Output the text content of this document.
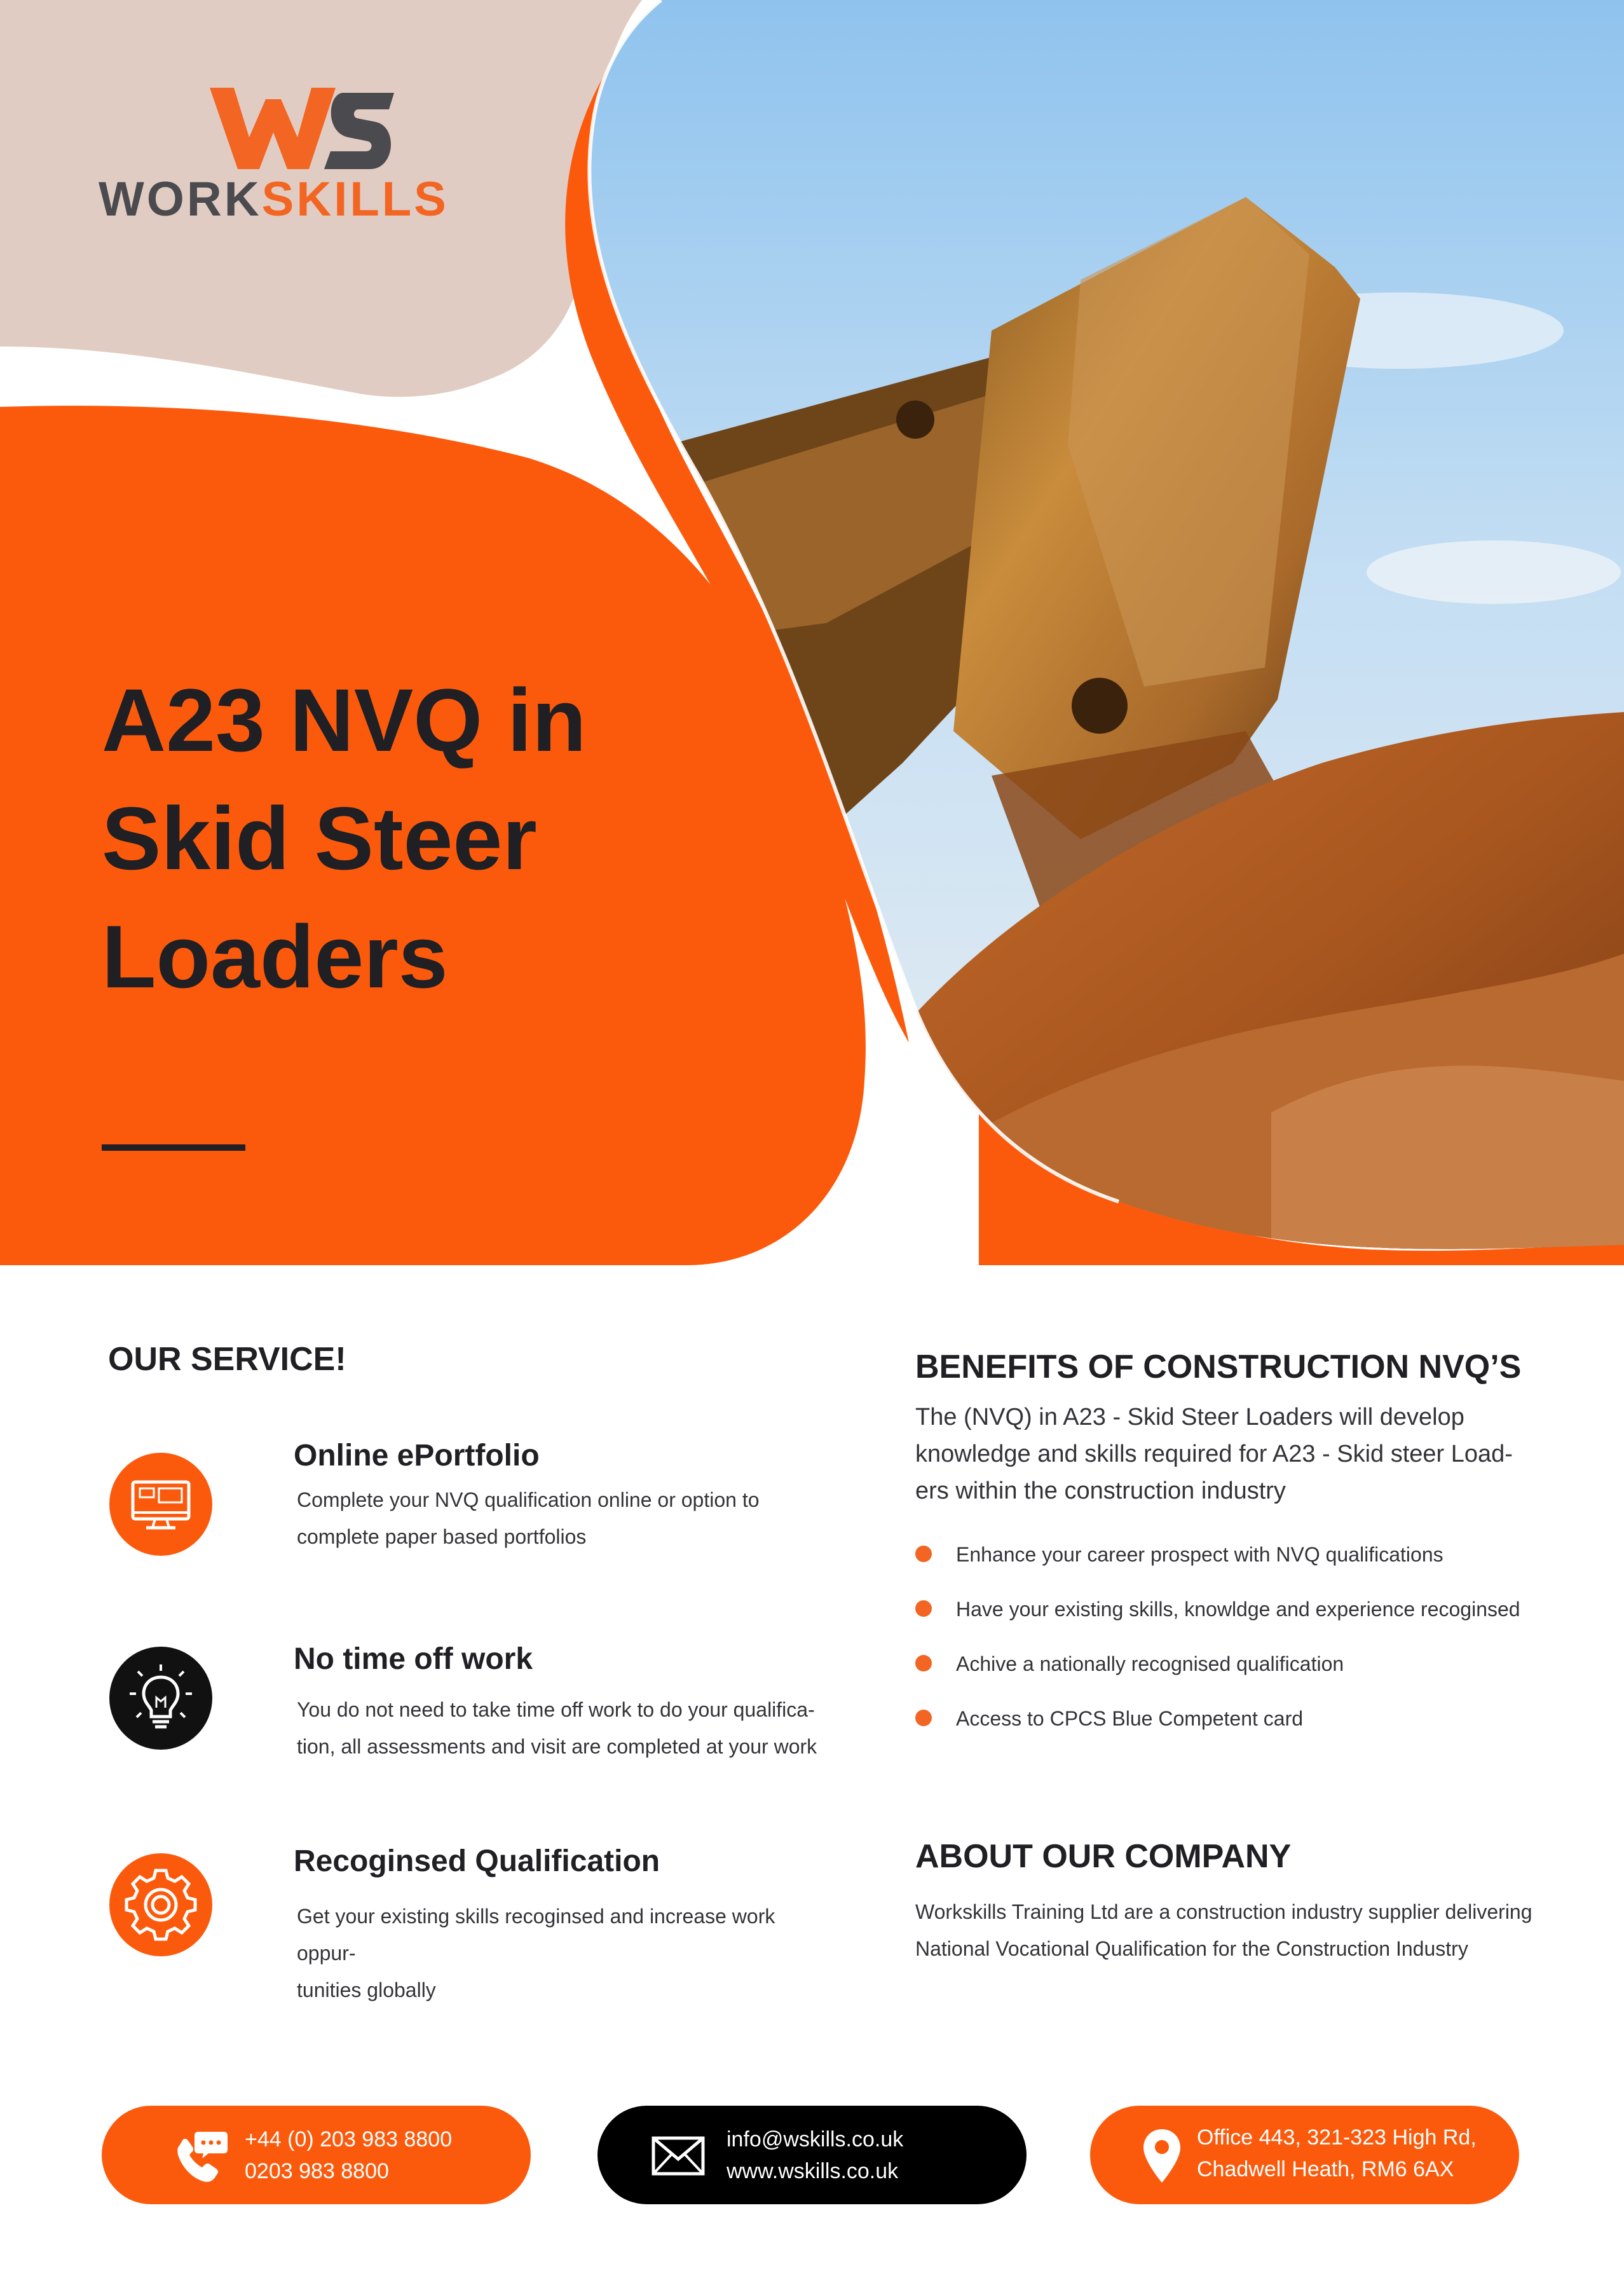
WORKSKILLS
A23 NVQ in
Skid Steer
Loaders
OUR SERVICE!
Online ePortfolio
Complete your NVQ qualification online or option to
complete paper based portfolios
No time off work
You do not need to take time off work to do your qualifica-
tion, all assessments and visit are completed at your work
Recoginsed Qualification
Get your existing skills recoginsed and increase work oppur-
tunities globally
BENEFITS OF CONSTRUCTION NVQ’S
The (NVQ) in A23 - Skid Steer Loaders will develop
knowledge and skills required for A23 - Skid steer Load-
ers within the construction industry
Enhance your career prospect with NVQ qualifications
Have your existing skills, knowldge and experience recoginsed
Achive a nationally recognised qualification
Access to CPCS Blue Competent card
ABOUT OUR COMPANY
Workskills Training Ltd are a construction industry supplier delivering
National Vocational Qualification for the Construction Industry
+44 (0) 203 983 8800
0203 983 8800
info@wskills.co.uk
www.wskills.co.uk
Office 443, 321-323 High Rd,
Chadwell Heath, RM6 6AX
